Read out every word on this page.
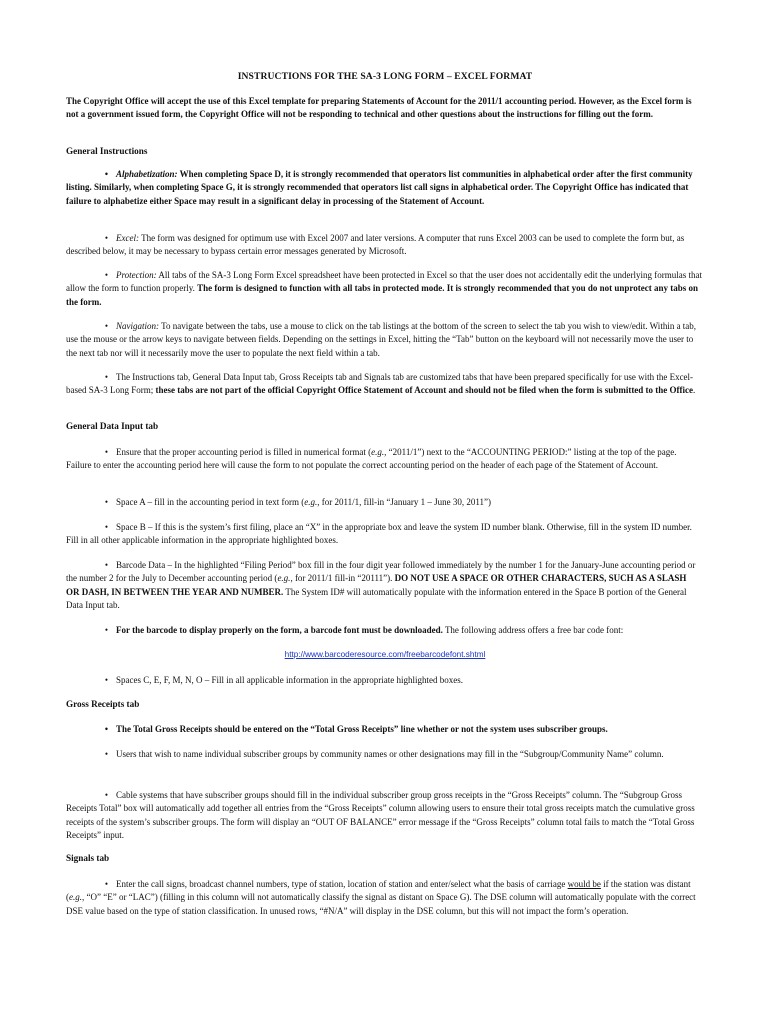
INSTRUCTIONS FOR THE SA-3 LONG FORM – EXCEL FORMAT
The Copyright Office will accept the use of this Excel template for preparing Statements of Account for the 2011/1 accounting period. However, as the Excel form is not a government issued form, the Copyright Office will not be responding to technical and other questions about the instructions for filling out the form.
General Instructions
• Alphabetization: When completing Space D, it is strongly recommended that operators list communities in alphabetical order after the first community listing. Similarly, when completing Space G, it is strongly recommended that operators list call signs in alphabetical order. The Copyright Office has indicated that failure to alphabetize either Space may result in a significant delay in processing of the Statement of Account.
• Excel: The form was designed for optimum use with Excel 2007 and later versions. A computer that runs Excel 2003 can be used to complete the form but, as described below, it may be necessary to bypass certain error messages generated by Microsoft.
• Protection: All tabs of the SA-3 Long Form Excel spreadsheet have been protected in Excel so that the user does not accidentally edit the underlying formulas that allow the form to function properly. The form is designed to function with all tabs in protected mode. It is strongly recommended that you do not unprotect any tabs on the form.
• Navigation: To navigate between the tabs, use a mouse to click on the tab listings at the bottom of the screen to select the tab you wish to view/edit. Within a tab, use the mouse or the arrow keys to navigate between fields. Depending on the settings in Excel, hitting the “Tab” button on the keyboard will not necessarily move the user to the next tab nor will it necessarily move the user to populate the next field within a tab.
• The Instructions tab, General Data Input tab, Gross Receipts tab and Signals tab are customized tabs that have been prepared specifically for use with the Excel-based SA-3 Long Form; these tabs are not part of the official Copyright Office Statement of Account and should not be filed when the form is submitted to the Office.
General Data Input tab
• Ensure that the proper accounting period is filled in numerical format (e.g., “2011/1”) next to the “ACCOUNTING PERIOD:” listing at the top of the page. Failure to enter the accounting period here will cause the form to not populate the correct accounting period on the header of each page of the Statement of Account.
• Space A – fill in the accounting period in text form (e.g., for 2011/1, fill-in “January 1 – June 30, 2011”)
• Space B – If this is the system’s first filing, place an “X” in the appropriate box and leave the system ID number blank. Otherwise, fill in the system ID number. Fill in all other applicable information in the appropriate highlighted boxes.
• Barcode Data – In the highlighted “Filing Period” box fill in the four digit year followed immediately by the number 1 for the January-June accounting period or the number 2 for the July to December accounting period (e.g., for 2011/1 fill-in “20111”). DO NOT USE A SPACE OR OTHER CHARACTERS, SUCH AS A SLASH OR DASH, IN BETWEEN THE YEAR AND NUMBER. The System ID# will automatically populate with the information entered in the Space B portion of the General Data Input tab.
• For the barcode to display properly on the form, a barcode font must be downloaded. The following address offers a free bar code font:
http://www.barcoderesource.com/freebarcodefont.shtml
• Spaces C, E, F, M, N, O – Fill in all applicable information in the appropriate highlighted boxes.
Gross Receipts tab
• The Total Gross Receipts should be entered on the “Total Gross Receipts” line whether or not the system uses subscriber groups.
• Users that wish to name individual subscriber groups by community names or other designations may fill in the “Subgroup/Community Name” column.
• Cable systems that have subscriber groups should fill in the individual subscriber group gross receipts in the “Gross Receipts” column. The “Subgroup Gross Receipts Total” box will automatically add together all entries from the “Gross Receipts” column allowing users to ensure their total gross receipts match the cumulative gross receipts of the system’s subscriber groups. The form will display an “OUT OF BALANCE” error message if the “Gross Receipts” column total fails to match the “Total Gross Receipts” input.
Signals tab
• Enter the call signs, broadcast channel numbers, type of station, location of station and enter/select what the basis of carriage would be if the station was distant (e.g., “O” “E” or “LAC”) (filling in this column will not automatically classify the signal as distant on Space G). The DSE column will automatically populate with the correct DSE value based on the type of station classification. In unused rows, “#N/A” will display in the DSE column, but this will not impact the form’s operation.
